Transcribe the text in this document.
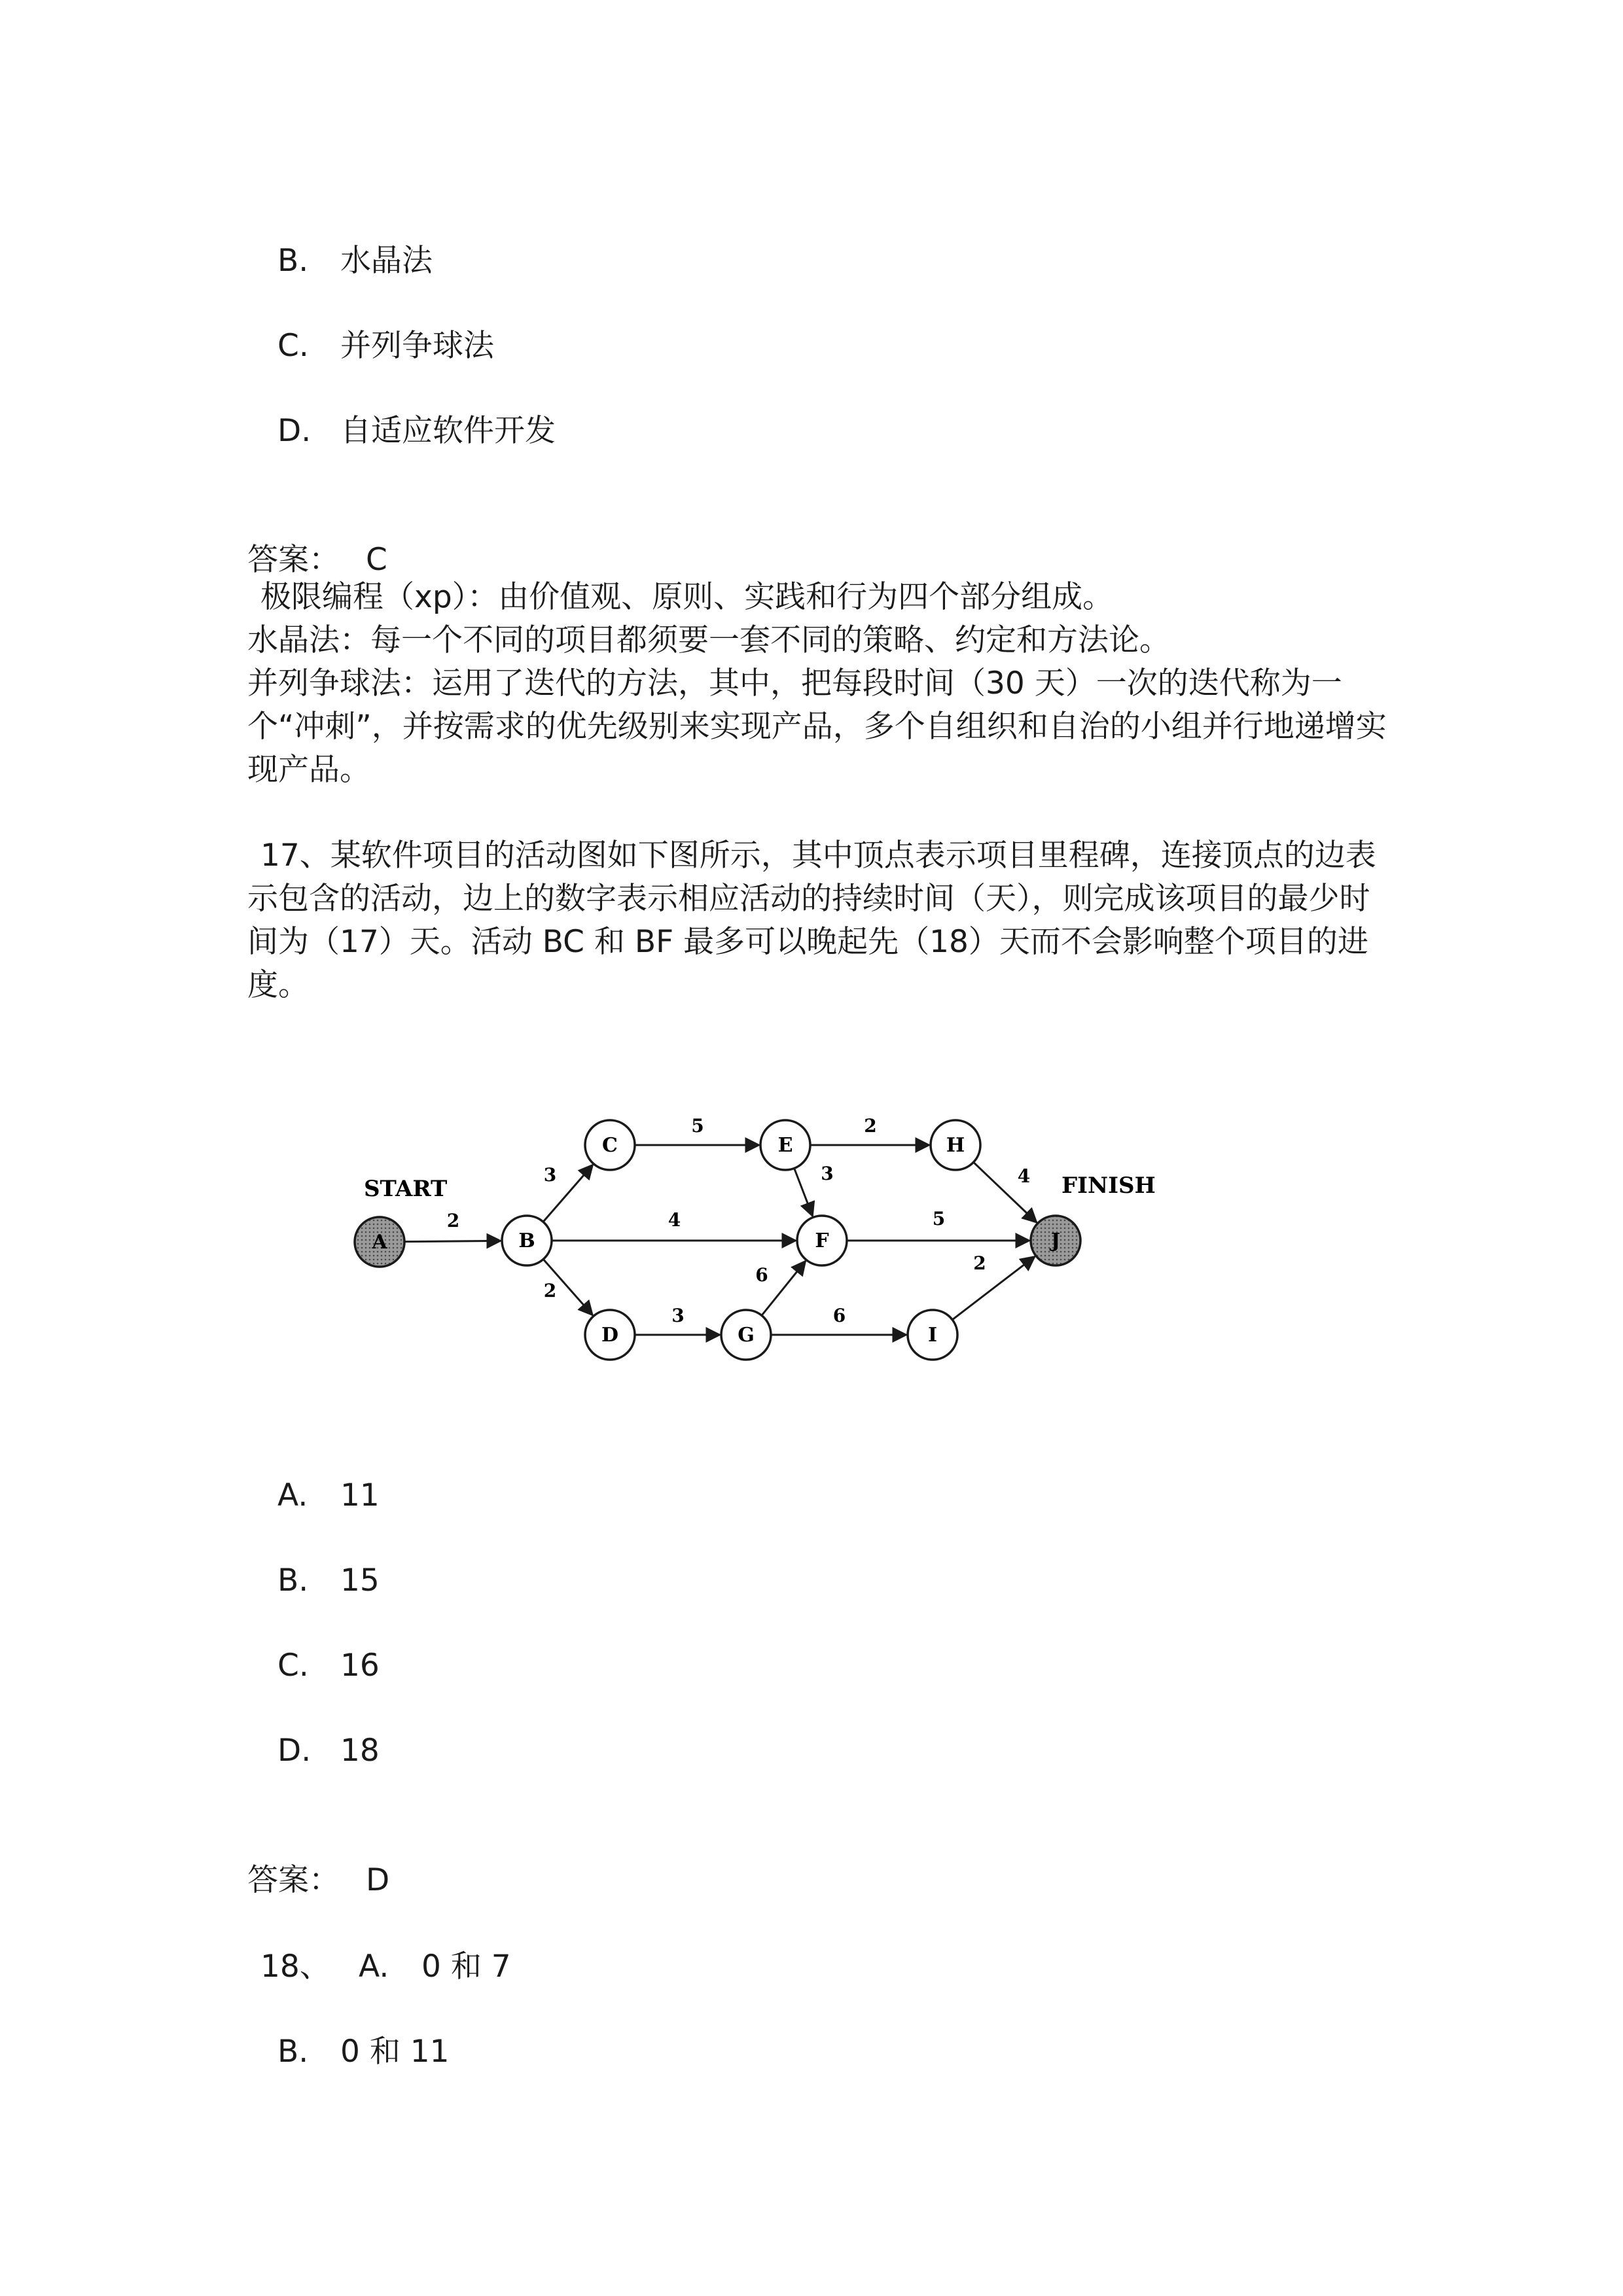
B. 水晶法
C. 并列争球法
D. 自适应软件开发
答案： C
极限编程（xp）：由价值观、原则、实践和行为四个部分组成。
水晶法：每一个不同的项目都须要一套不同的策略、约定和方法论。
并列争球法：运用了迭代的方法，其中，把每段时间（30 天）一次的迭代称为一个“冲刺”，并按需求的优先级别来实现产品，多个自组织和自治的小组并行地递增实现产品。
17、某软件项目的活动图如下图所示，其中顶点表示项目里程碑，连接顶点的边表示包含的活动，边上的数字表示相应活动的持续时间（天），则完成该项目的最少时间为（17）天。活动 BC 和 BF 最多可以晚起先（18）天而不会影响整个项目的进度。
2
3
4
2
5	2
3
3
6
6
4
5
2
A	B
C
D
E
F
G
H
I
J
START	FINISH
A. 11
B. 15
C. 16
D. 18
答案： D
18、 A. 0 和 7
B. 0 和 11
